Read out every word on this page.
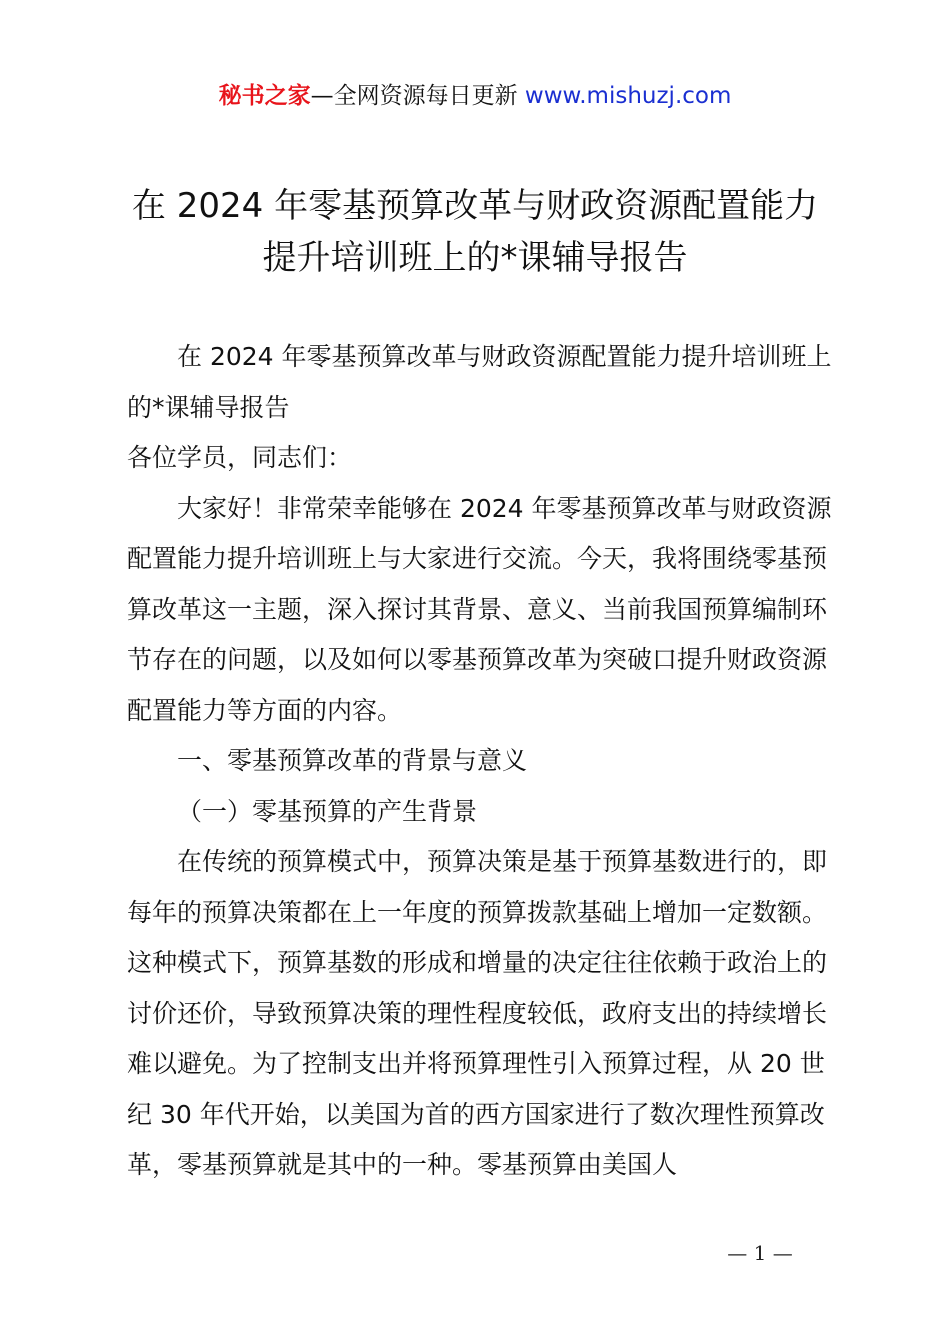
秘书之家—全网资源每日更新 www.mishuzj.com
在 2024 年零基预算改革与财政资源配置能力
提升培训班上的*课辅导报告

在 2024 年零基预算改革与财政资源配置能力提升培训班上的*课辅导报告

各位学员，同志们：

大家好！非常荣幸能够在 2024 年零基预算改革与财政资源配置能力提升培训班上与大家进行交流。今天，我将围绕零基预算改革这一主题，深入探讨其背景、意义、当前我国预算编制环节存在的问题，以及如何以零基预算改革为突破口提升财政资源配置能力等方面的内容。

一、零基预算改革的背景与意义

（一）零基预算的产生背景

在传统的预算模式中，预算决策是基于预算基数进行的，即每年的预算决策都在上一年度的预算拨款基础上增加一定数额。这种模式下，预算基数的形成和增量的决定往往依赖于政治上的讨价还价，导致预算决策的理性程度较低，政府支出的持续增长难以避免。为了控制支出并将预算理性引入预算过程，从 20 世纪 30 年代开始，以美国为首的西方国家进行了数次理性预算改革，零基预算就是其中的一种。零基预算由美国人

— 1 —
